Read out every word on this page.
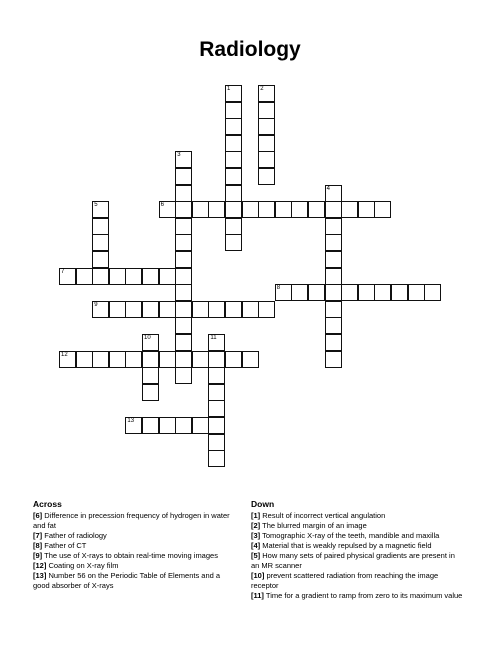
Radiology
1	2
3
4
5	6
7
8
9
10	11
12
13
Across

[6] Difference in precession frequency of hydrogen in water and fat

[7] Father of radiology

[8] Father of CT

[9] The use of X-rays to obtain real-time moving images

[12] Coating on X-ray film

[13] Number 56 on the Periodic Table of Elements and a good absorber of X-rays

Down

[1] Result of incorrect vertical angulation

[2] The blurred margin of an image

[3] Tomographic X-ray of the teeth, mandible and maxilla

[4] Material that is weakly repulsed by a magnetic field

[5] How many sets of paired physical gradients are present in an MR scanner

[10] prevent scattered radiation from reaching the image receptor

[11] Time for a gradient to ramp from zero to its maximum value
